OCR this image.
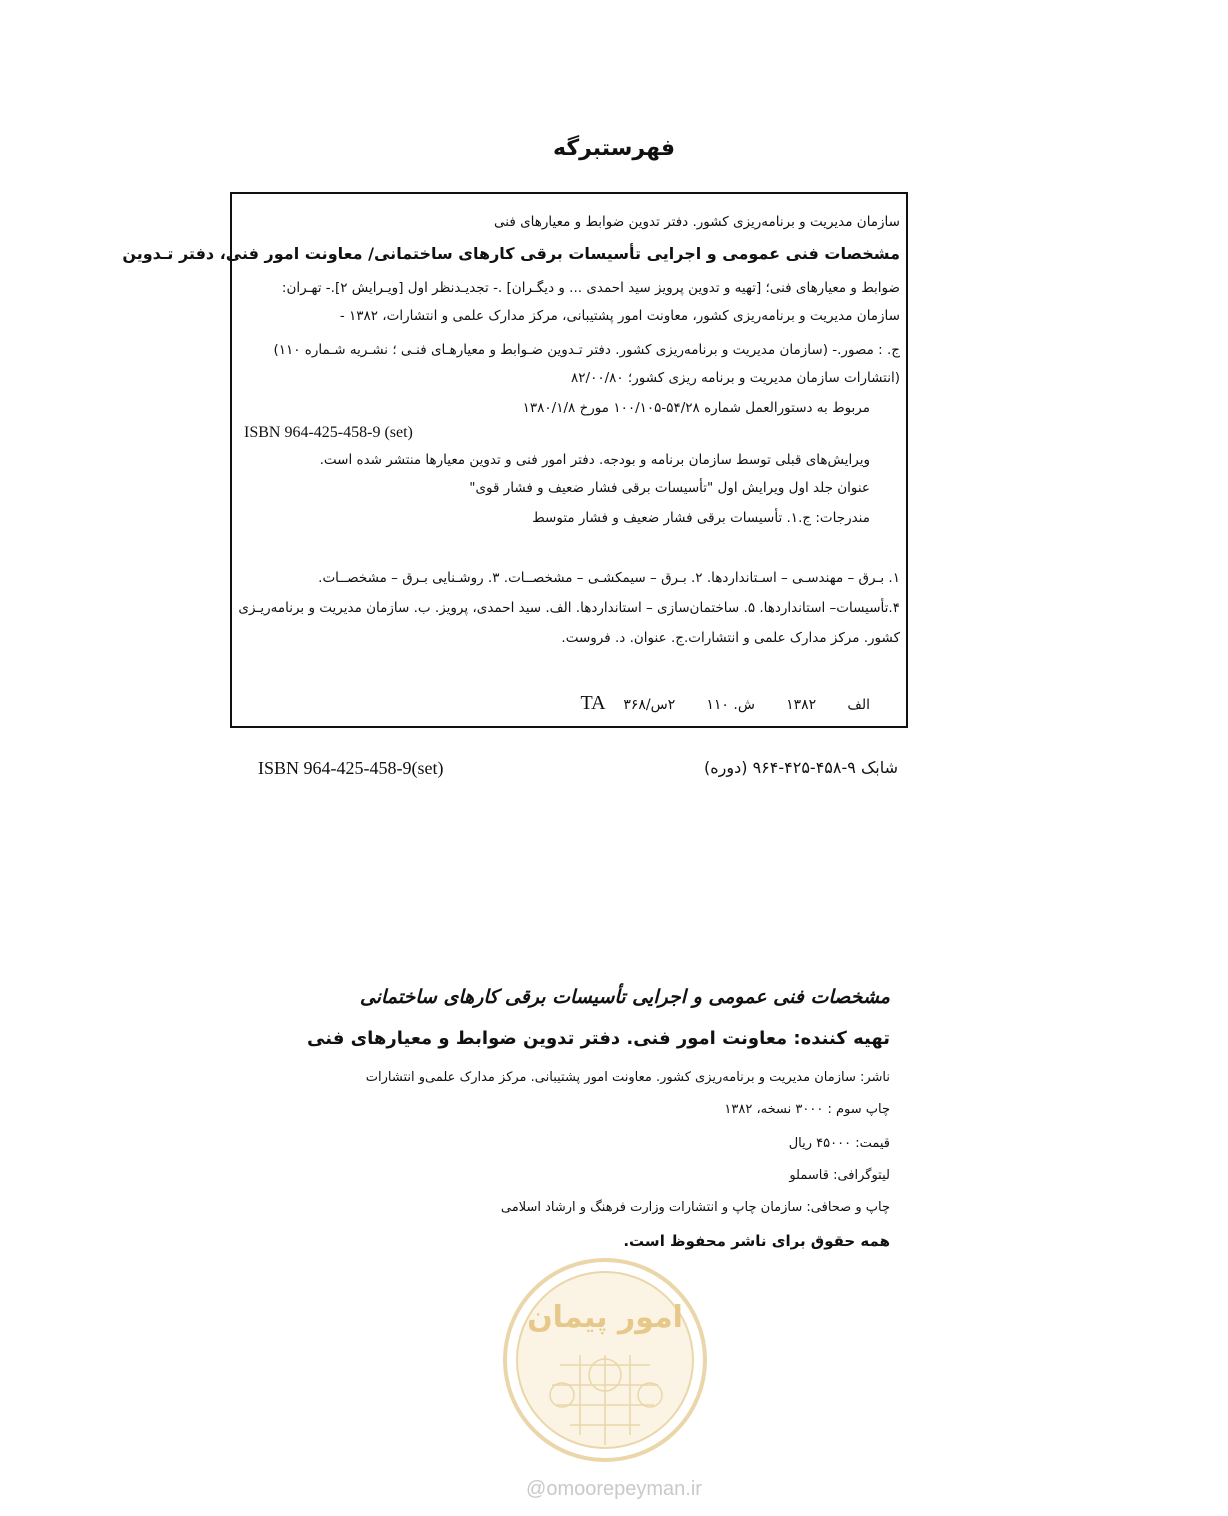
فهرستبرگه
سازمان مدیریت و برنامه‌ریزی کشور. دفتر تدوین ضوابط و معیارهای فنی
مشخصات فنی عمومی و اجرایی تأسیسات برقی کارهای ساختمانی/ معاونت امور فنی، دفتر تـدوین
ضوابط و معیارهای فنی؛ [تهیه و تدوین پرویز سید احمدی ... و دیگـران] .- تجدیـدنظر اول [ویـرایش ۲].- تهـران:
سازمان مدیریت و برنامه‌ریزی کشور، معاونت امور پشتیبانی، مرکز مدارک علمی و انتشارات، ۱۳۸۲ -
ج. : مصور.- (سازمان مدیریت و برنامه‌ریزی کشور. دفتر تـدوین ضـوابط و معیارهـای فنـی ؛ نشـریه شـماره ۱۱۰)
(انتشارات سازمان مدیریت و برنامه ریزی کشور؛ ۸۲/۰۰/۸۰
مربوط به دستورالعمل شماره ۵۴/۲۸-۱۰۰/۱۰۵ مورخ ۱۳۸۰/۱/۸
ISBN 964-425-458-9 (set)
ویرایش‌های قبلی توسط سازمان برنامه و بودجه. دفتر امور فنی و تدوین معیارها منتشر شده است.
عنوان جلد اول ویرایش اول "تأسیسات برقی فشار ضعیف و فشار قوی"
مندرجات: ج.۱. تأسیسات برقی فشار ضعیف و فشار متوسط
۱. بـرق – مهندسـی – اسـتانداردها. ۲. بـرق – سیمکشـی – مشخصــات. ۳. روشـنایی بـرق – مشخصــات.
۴.تأسیسات– استانداردها. ۵. ساختمان‌سازی – استانداردها. الف. سید احمدی، پرویز. ب. سازمان مدیریت و برنامه‌ریـزی
کشور. مرکز مدارک علمی و انتشارات.ج. عنوان. د. فروست.
الف       ۱۳۸۲       ش. ۱۱۰       ۲س/۳۶۸    TA
ISBN 964-425-458-9(set)	شابک ۹-۴۵۸-۴۲۵-۹۶۴ (دوره)
مشخصات فنی عمومی و اجرایی تأسیسات برقی کارهای ساختمانی
تهیه کننده: معاونت امور فنی. دفتر تدوین ضوابط و معیارهای فنی
ناشر: سازمان مدیریت و برنامه‌ریزی کشور. معاونت امور پشتیبانی. مرکز مدارک علمی‌و انتشارات
چاپ سوم : ۳۰۰۰ نسخه، ۱۳۸۲
قیمت: ۴۵۰۰۰ ریال
لیتوگرافی: قاسملو
چاپ و صحافی: سازمان چاپ و انتشارات وزارت فرهنگ و ارشاد اسلامی
همه حقوق برای ناشر محفوظ است.
امور پیمان
@omoorepeyman.ir
